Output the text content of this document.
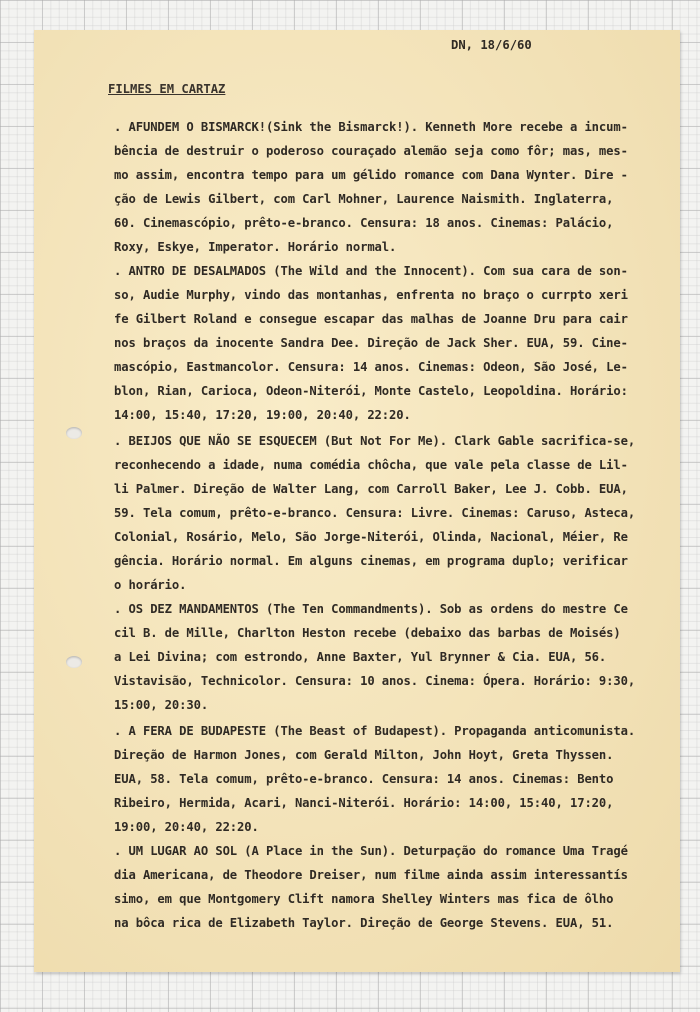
DN, 18/6/60
FILMES EM CARTAZ
. AFUNDEM O BISMARCK!(Sink the Bismarck!). Kenneth More recebe a incum-
bência de destruir o poderoso couraçado alemão seja como fôr; mas, mes-
mo assim, encontra tempo para um gélido romance com Dana Wynter. Dire -
ção de Lewis Gilbert, com Carl Mohner, Laurence Naismith. Inglaterra,
60. Cinemascópio, prêto-e-branco. Censura: 18 anos. Cinemas: Palácio,
Roxy, Eskye, Imperator. Horário normal.
. ANTRO DE DESALMADOS (The Wild and the Innocent). Com sua cara de son-
so, Audie Murphy, vindo das montanhas, enfrenta no braço o currpto xeri
fe Gilbert Roland e consegue escapar das malhas de Joanne Dru para cair
nos braços da inocente Sandra Dee. Direção de Jack Sher. EUA, 59. Cine-
mascópio, Eastmancolor. Censura: 14 anos. Cinemas: Odeon, São José, Le-
blon, Rian, Carioca, Odeon-Niterói, Monte Castelo, Leopoldina. Horário:
14:00, 15:40, 17:20, 19:00, 20:40, 22:20.
. BEIJOS QUE NÃO SE ESQUECEM (But Not For Me). Clark Gable sacrifica-se,
reconhecendo a idade, numa comédia chôcha, que vale pela classe de Lil-
li Palmer. Direção de Walter Lang, com Carroll Baker, Lee J. Cobb. EUA,
59. Tela comum, prêto-e-branco. Censura: Livre. Cinemas: Caruso, Asteca,
Colonial, Rosário, Melo, São Jorge-Niterói, Olinda, Nacional, Méier, Re
gência. Horário normal. Em alguns cinemas, em programa duplo; verificar
o horário.
. OS DEZ MANDAMENTOS (The Ten Commandments). Sob as ordens do mestre Ce
cil B. de Mille, Charlton Heston recebe (debaixo das barbas de Moisés)
a Lei Divina; com estrondo, Anne Baxter, Yul Brynner & Cia. EUA, 56.
Vistavisão, Technicolor. Censura: 10 anos. Cinema: Ópera. Horário: 9:30,
15:00, 20:30.
. A FERA DE BUDAPESTE (The Beast of Budapest). Propaganda anticomunista.
Direção de Harmon Jones, com Gerald Milton, John Hoyt, Greta Thyssen.
EUA, 58. Tela comum, prêto-e-branco. Censura: 14 anos. Cinemas: Bento
Ribeiro, Hermida, Acari, Nanci-Niterói. Horário: 14:00, 15:40, 17:20,
19:00, 20:40, 22:20.
. UM LUGAR AO SOL (A Place in the Sun). Deturpação do romance Uma Tragé
dia Americana, de Theodore Dreiser, num filme ainda assim interessantís
simo, em que Montgomery Clift namora Shelley Winters mas fica de ôlho
na bôca rica de Elizabeth Taylor. Direção de George Stevens. EUA, 51.
